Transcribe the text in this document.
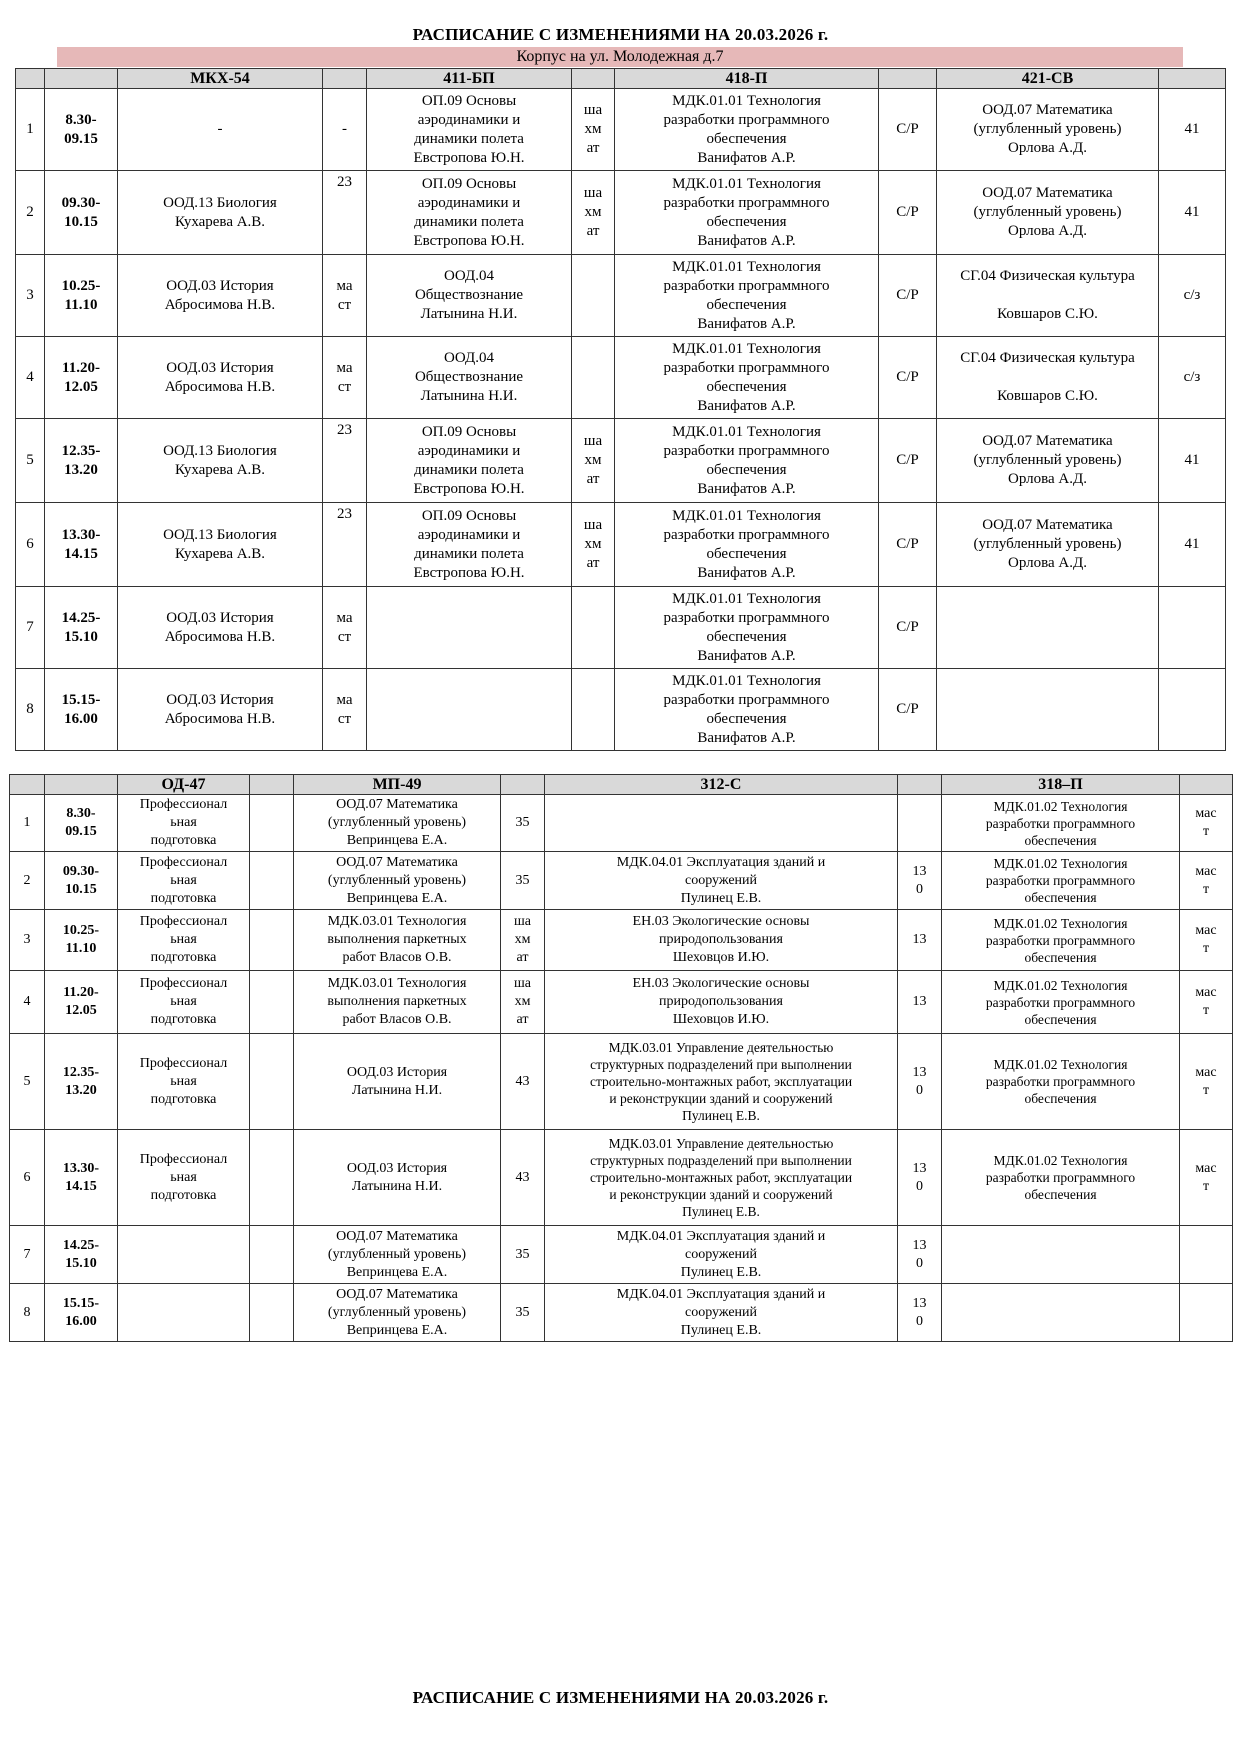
РАСПИСАНИЕ С ИЗМЕНЕНИЯМИ НА 20.03.2026 г.
Корпус на ул. Молодежная д.7
		МКХ-54		411-БП		418-П		421-СВ	
1	8.30-
09.15	-	-	ОП.09 Основы
аэродинамики и
динамики полета
Евстропова Ю.Н.	ша
хм
ат	МДК.01.01 Технология
разработки программного
обеспечения
Ванифатов А.Р.	С/Р	ООД.07 Математика
(углубленный уровень)
Орлова А.Д.	41
2	09.30-
10.15	ООД.13 Биология
Кухарева А.В.	23	ОП.09 Основы
аэродинамики и
динамики полета
Евстропова Ю.Н.	ша
хм
ат	МДК.01.01 Технология
разработки программного
обеспечения
Ванифатов А.Р.	С/Р	ООД.07 Математика
(углубленный уровень)
Орлова А.Д.	41
3	10.25-
11.10	ООД.03 История
Абросимова Н.В.	ма
ст	ООД.04
Обществознание
Латынина Н.И.		МДК.01.01 Технология
разработки программного
обеспечения
Ванифатов А.Р.	С/Р	СГ.04 Физическая культура

Ковшаров С.Ю.	с/з
4	11.20-
12.05	ООД.03 История
Абросимова Н.В.	ма
ст	ООД.04
Обществознание
Латынина Н.И.		МДК.01.01 Технология
разработки программного
обеспечения
Ванифатов А.Р.	С/Р	СГ.04 Физическая культура

Ковшаров С.Ю.	с/з
5	12.35-
13.20	ООД.13 Биология
Кухарева А.В.	23	ОП.09 Основы
аэродинамики и
динамики полета
Евстропова Ю.Н.	ша
хм
ат	МДК.01.01 Технология
разработки программного
обеспечения
Ванифатов А.Р.	С/Р	ООД.07 Математика
(углубленный уровень)
Орлова А.Д.	41
6	13.30-
14.15	ООД.13 Биология
Кухарева А.В.	23	ОП.09 Основы
аэродинамики и
динамики полета
Евстропова Ю.Н.	ша
хм
ат	МДК.01.01 Технология
разработки программного
обеспечения
Ванифатов А.Р.	С/Р	ООД.07 Математика
(углубленный уровень)
Орлова А.Д.	41
7	14.25-
15.10	ООД.03 История
Абросимова Н.В.	ма
ст			МДК.01.01 Технология
разработки программного
обеспечения
Ванифатов А.Р.	С/Р		
8	15.15-
16.00	ООД.03 История
Абросимова Н.В.	ма
ст			МДК.01.01 Технология
разработки программного
обеспечения
Ванифатов А.Р.	С/Р		
		ОД-47		МП-49		312-С		318–П	
1	8.30-
09.15	Профессионал
ьная
подготовка		ООД.07 Математика
(углубленный уровень)
Вепринцева Е.А.	35			МДК.01.02 Технология
разработки программного
обеспечения	мас
т
2	09.30-
10.15	Профессионал
ьная
подготовка		ООД.07 Математика
(углубленный уровень)
Вепринцева Е.А.	35	МДК.04.01 Эксплуатация зданий и
сооружений
Пулинец Е.В.	13
0	МДК.01.02 Технология
разработки программного
обеспечения	мас
т
3	10.25-
11.10	Профессионал
ьная
подготовка		МДК.03.01 Технология
выполнения паркетных
работ Власов О.В.	ша
хм
ат	ЕН.03 Экологические основы
природопользования
Шеховцов И.Ю.	13	МДК.01.02 Технология
разработки программного
обеспечения	мас
т
4	11.20-
12.05	Профессионал
ьная
подготовка		МДК.03.01 Технология
выполнения паркетных
работ Власов О.В.	ша
хм
ат	ЕН.03 Экологические основы
природопользования
Шеховцов И.Ю.	13	МДК.01.02 Технология
разработки программного
обеспечения	мас
т
5	12.35-
13.20	Профессионал
ьная
подготовка		ООД.03 История
Латынина Н.И.	43	МДК.03.01 Управление деятельностью
структурных подразделений при выполнении
строительно-монтажных работ, эксплуатации
и реконструкции зданий и сооружений
Пулинец Е.В.	13
0	МДК.01.02 Технология
разработки программного
обеспечения	мас
т
6	13.30-
14.15	Профессионал
ьная
подготовка		ООД.03 История
Латынина Н.И.	43	МДК.03.01 Управление деятельностью
структурных подразделений при выполнении
строительно-монтажных работ, эксплуатации
и реконструкции зданий и сооружений
Пулинец Е.В.	13
0	МДК.01.02 Технология
разработки программного
обеспечения	мас
т
7	14.25-
15.10			ООД.07 Математика
(углубленный уровень)
Вепринцева Е.А.	35	МДК.04.01 Эксплуатация зданий и
сооружений
Пулинец Е.В.	13
0		
8	15.15-
16.00			ООД.07 Математика
(углубленный уровень)
Вепринцева Е.А.	35	МДК.04.01 Эксплуатация зданий и
сооружений
Пулинец Е.В.	13
0		
РАСПИСАНИЕ С ИЗМЕНЕНИЯМИ НА 20.03.2026 г.
